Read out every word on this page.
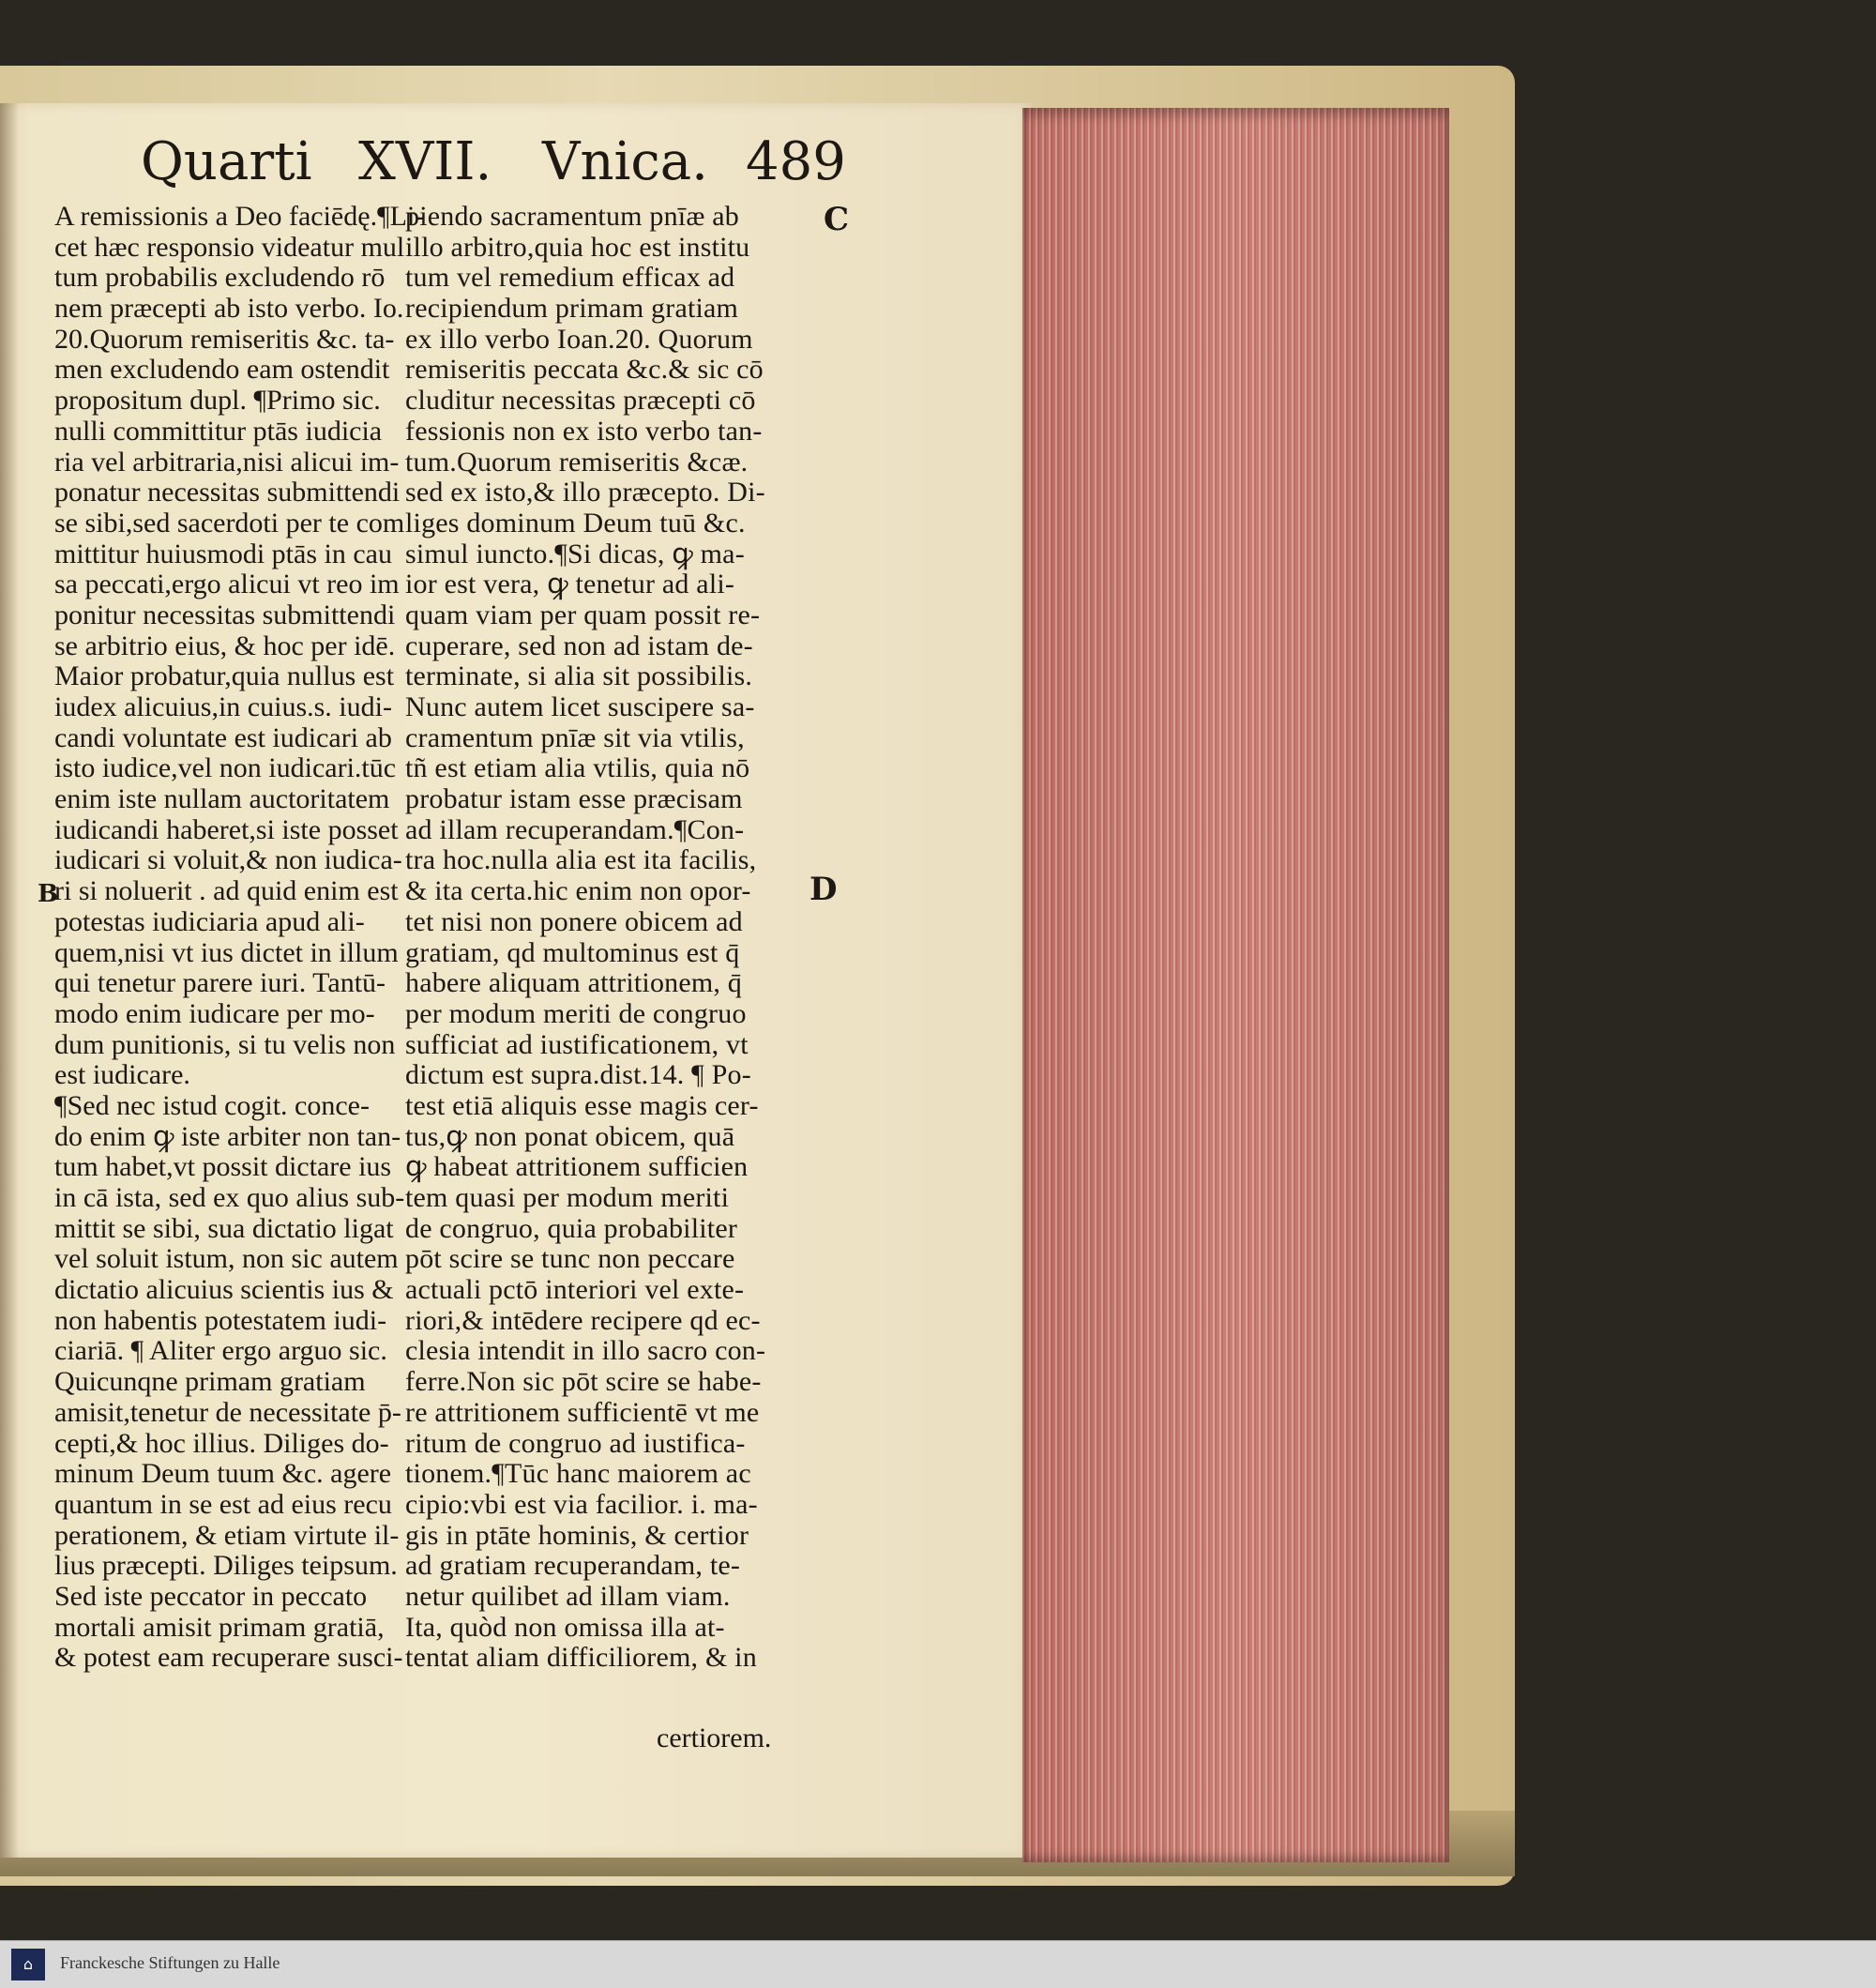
Quarti XVII. Vnica. 489
A remissionis a Deo faciēdę.¶Li-
cet hæc responsio videatur mul
tum probabilis excludendo rō
nem præcepti ab isto verbo. Io.
20.Quorum remiseritis &c. ta-
men excludendo eam ostendit
propositum dupl. ¶Primo sic.
nulli committitur ptās iudicia
ria vel arbitraria,nisi alicui im-
ponatur necessitas submittendi
se sibi,sed sacerdoti per te com
mittitur huiusmodi ptās in cau
sa peccati,ergo alicui vt reo im
ponitur necessitas submittendi
se arbitrio eius, & hoc per idē.
Maior probatur,quia nullus est
iudex alicuius,in cuius.s. iudi-
candi voluntate est iudicari ab
isto iudice,vel non iudicari.tūc
enim iste nullam auctoritatem
iudicandi haberet,si iste posset
iudicari si voluit,& non iudica-
ri si noluerit . ad quid enim est
potestas iudiciaria apud ali-
quem,nisi vt ius dictet in illum
qui tenetur parere iuri. Tantū-
modo enim iudicare per mo-
dum punitionis, si tu velis non
est iudicare.
¶Sed nec istud cogit. conce-
do enim ꝙ iste arbiter non tan-
tum habet,vt possit dictare ius
in cā ista, sed ex quo alius sub-
mittit se sibi, sua dictatio ligat
vel soluit istum, non sic autem
dictatio alicuius scientis ius &
non habentis potestatem iudi-
ciariā. ¶ Aliter ergo arguo sic.
Quicunqne primam gratiam
amisit,tenetur de necessitate p̄-
cepti,& hoc illius. Diliges do-
minum Deum tuum &c. agere
quantum in se est ad eius recu
perationem, & etiam virtute il-
lius præcepti. Diliges teipsum.
Sed iste peccator in peccato
mortali amisit primam gratiā,
& potest eam recuperare susci-
piendo sacramentum pnīæ ab
illo arbitro,quia hoc est institu
tum vel remedium efficax ad
recipiendum primam gratiam
ex illo verbo Ioan.20. Quorum
remiseritis peccata &c.& sic cō
cluditur necessitas præcepti cō
fessionis non ex isto verbo tan-
tum.Quorum remiseritis &cæ.
sed ex isto,& illo præcepto. Di-
liges dominum Deum tuū &c.
simul iuncto.¶Si dicas, ꝙ ma-
ior est vera, ꝙ tenetur ad ali-
quam viam per quam possit re-
cuperare, sed non ad istam de-
terminate, si alia sit possibilis.
Nunc autem licet suscipere sa-
cramentum pnīæ sit via vtilis,
tñ est etiam alia vtilis, quia nō
probatur istam esse præcisam
ad illam recuperandam.¶Con-
tra hoc.nulla alia est ita facilis,
& ita certa.hic enim non opor-
tet nisi non ponere obicem ad
gratiam, qd multominus est q̄
habere aliquam attritionem, q̄
per modum meriti de congruo
sufficiat ad iustificationem, vt
dictum est supra.dist.14. ¶ Po-
test etiā aliquis esse magis cer-
tus,ꝙ non ponat obicem, quā
ꝙ habeat attritionem sufficien
tem quasi per modum meriti
de congruo, quia probabiliter
pōt scire se tunc non peccare
actuali pctō interiori vel exte-
riori,& intēdere recipere qd ec-
clesia intendit in illo sacro con-
ferre.Non sic pōt scire se habe-
re attritionem sufficientē vt me
ritum de congruo ad iustifica-
tionem.¶Tūc hanc maiorem ac
cipio:vbi est via facilior. i. ma-
gis in ptāte hominis, & certior
ad gratiam recuperandam, te-
netur quilibet ad illam viam.
Ita, quòd non omissa illa at-
tentat aliam difficiliorem, & in
C
D
B
certiorem.
⌂	Franckesche Stiftungen zu Halle
